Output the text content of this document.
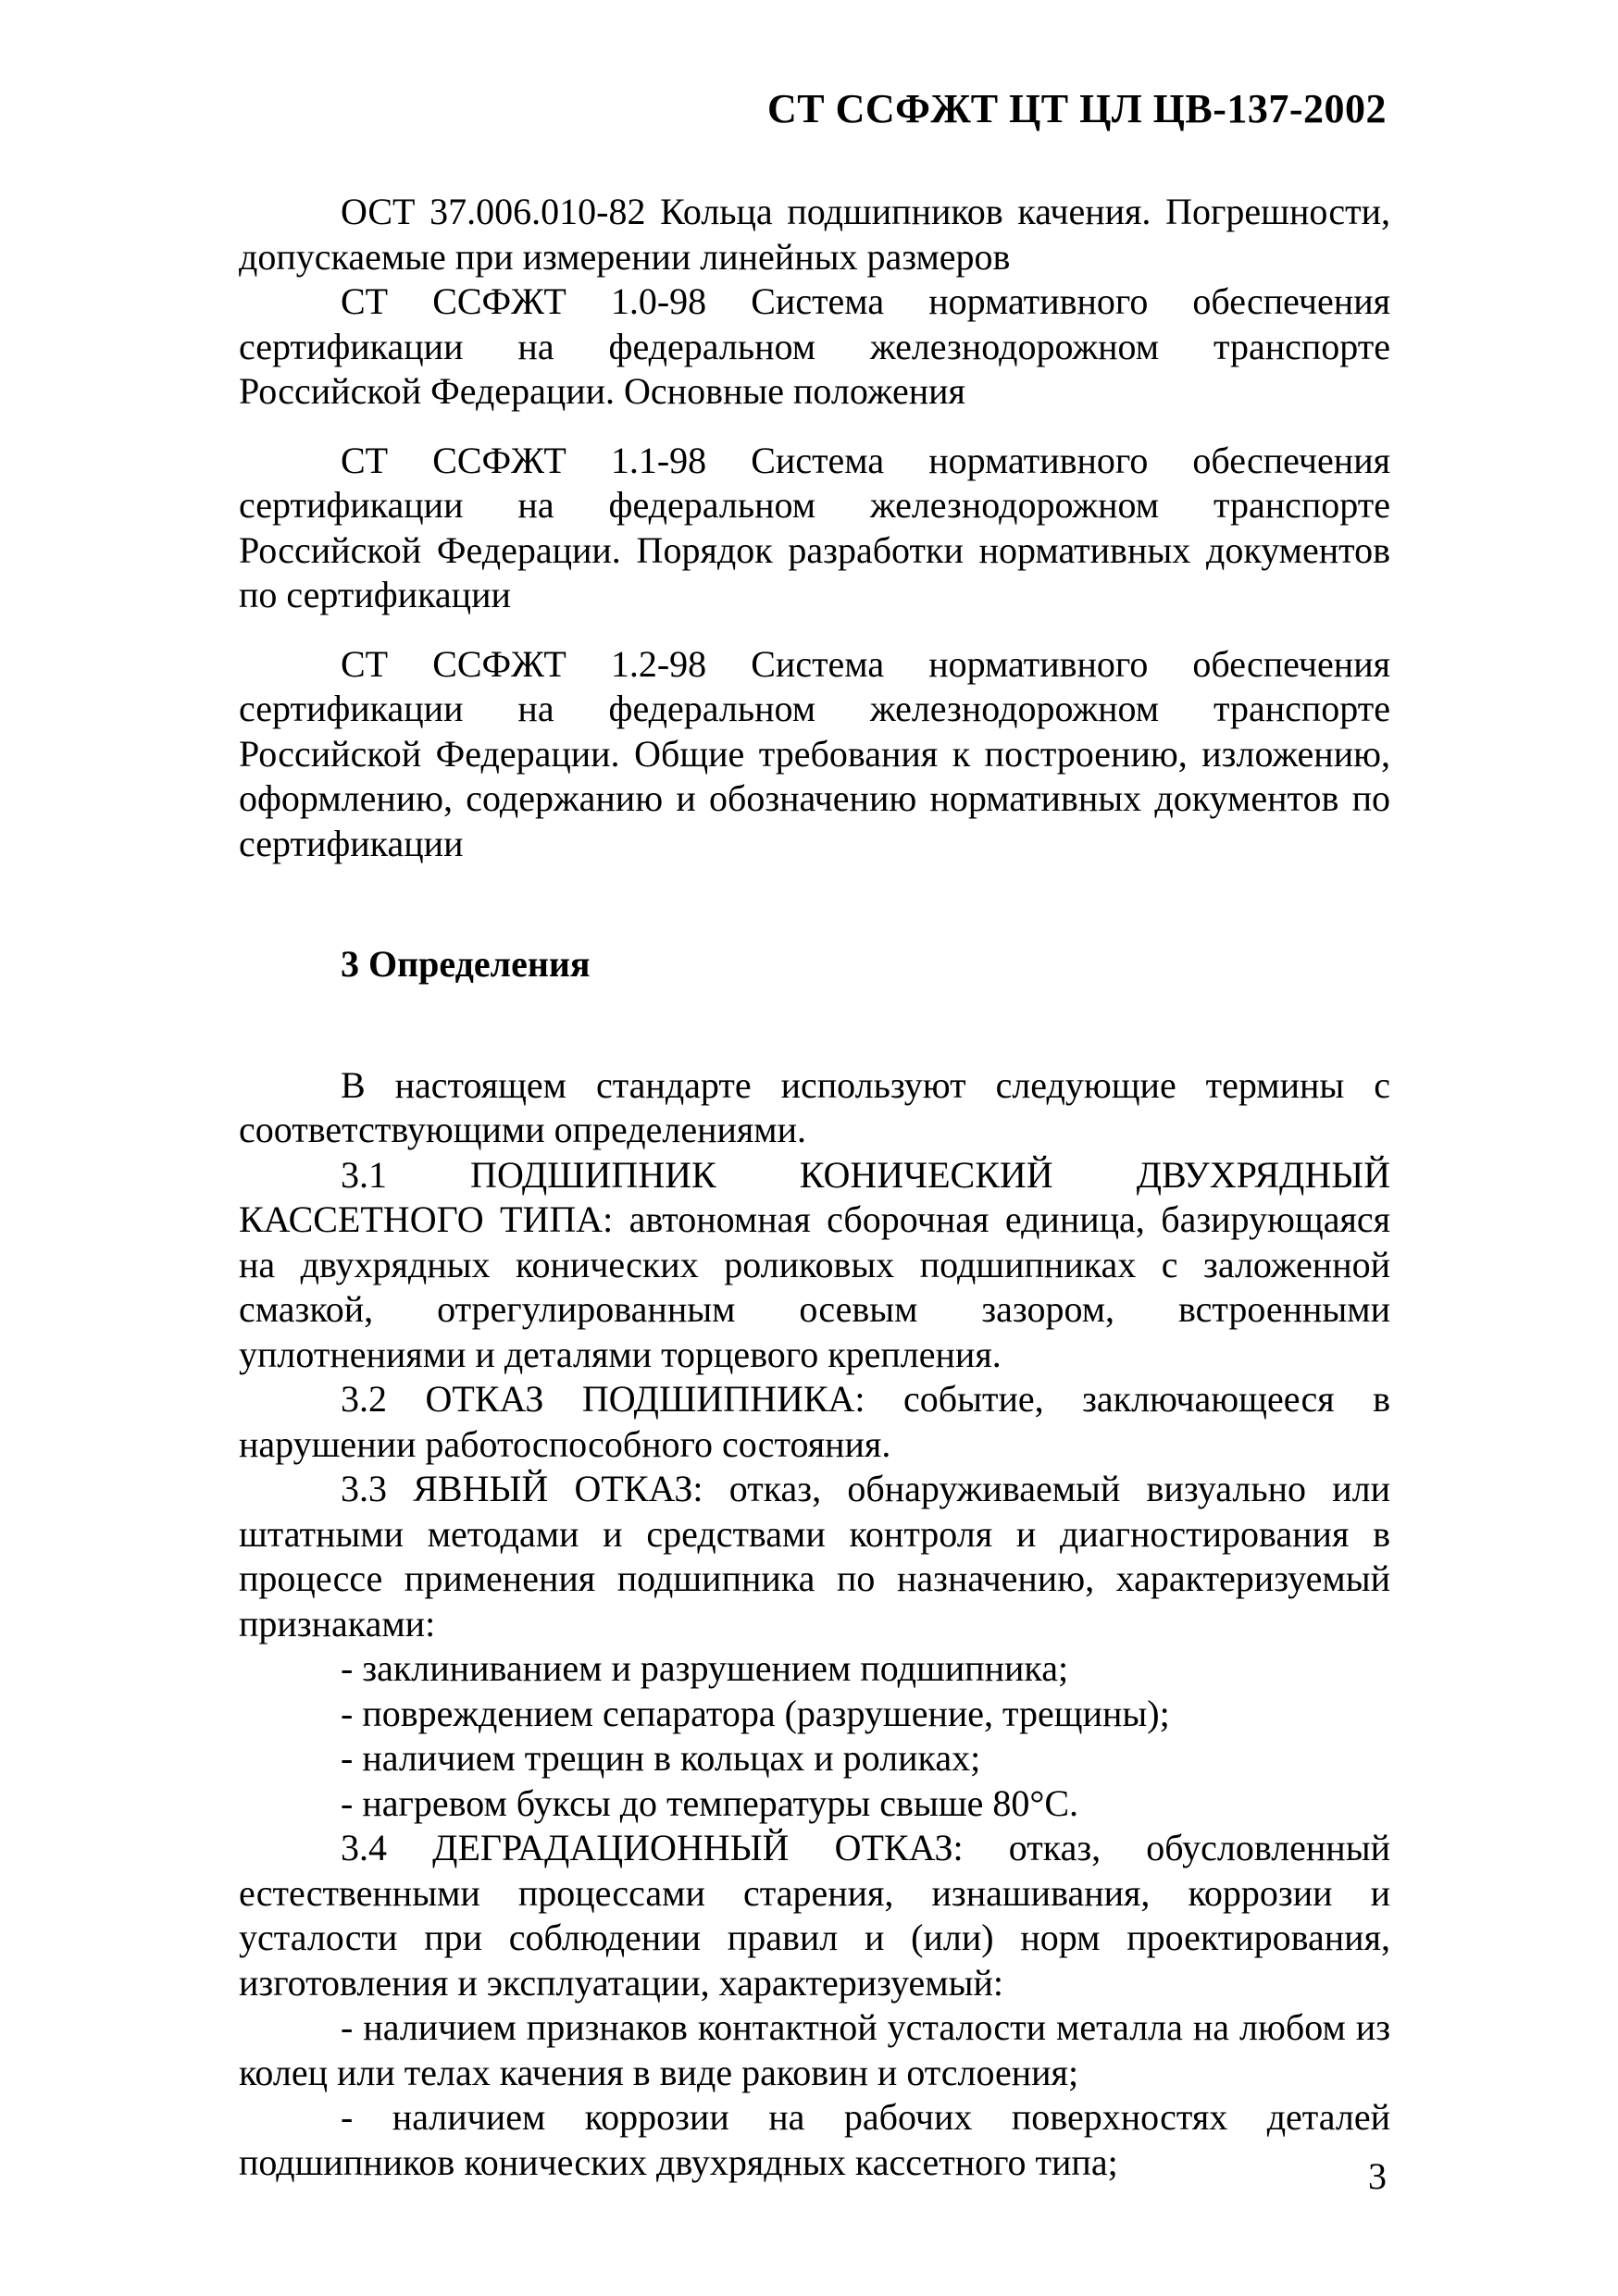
СТ ССФЖТ ЦТ ЦЛ ЦВ-137-2002

ОСТ 37.006.010-82 Кольца подшипников качения. Погрешности, допускаемые при измерении линейных размеров

СТ ССФЖТ 1.0-98 Система нормативного обеспечения сертификации на федеральном железнодорожном транспорте Российской Федерации. Основные положения

СТ ССФЖТ 1.1-98 Система нормативного обеспечения сертификации на федеральном железнодорожном транспорте Российской Федерации. Порядок разработки нормативных документов по сертификации

СТ ССФЖТ 1.2-98 Система нормативного обеспечения сертификации на федеральном железнодорожном транспорте Российской Федерации. Общие требования к построению, изложению, оформлению, содержанию и обозначению нормативных документов по сертификации

3 Определения

В настоящем стандарте используют следующие термины с соответствующими определениями.

3.1 ПОДШИПНИК КОНИЧЕСКИЙ ДВУХРЯДНЫЙ КАССЕТНОГО ТИПА: автономная сборочная единица, базирующаяся на двухрядных конических роликовых подшипниках с заложенной смазкой, отрегулированным осевым зазором, встроенными уплотнениями и деталями торцевого крепления.

3.2 ОТКАЗ ПОДШИПНИКА: событие, заключающееся в нарушении работоспособного состояния.

3.3 ЯВНЫЙ ОТКАЗ: отказ, обнаруживаемый визуально или штатными методами и средствами контроля и диагностирования в процессе применения подшипника по назначению, характеризуемый признаками:

- заклиниванием и разрушением подшипника;

- повреждением сепаратора (разрушение, трещины);

- наличием трещин в кольцах и роликах;

- нагревом буксы до температуры свыше 80°С.

3.4 ДЕГРАДАЦИОННЫЙ ОТКАЗ: отказ, обусловленный естественными процессами старения, изнашивания, коррозии и усталости при соблюдении правил и (или) норм проектирования, изготовления и эксплуатации, характеризуемый:

- наличием признаков контактной усталости металла на любом из колец или телах качения в виде раковин и отслоения;

- наличием коррозии на рабочих поверхностях деталей подшипников конических двухрядных кассетного типа;	3
